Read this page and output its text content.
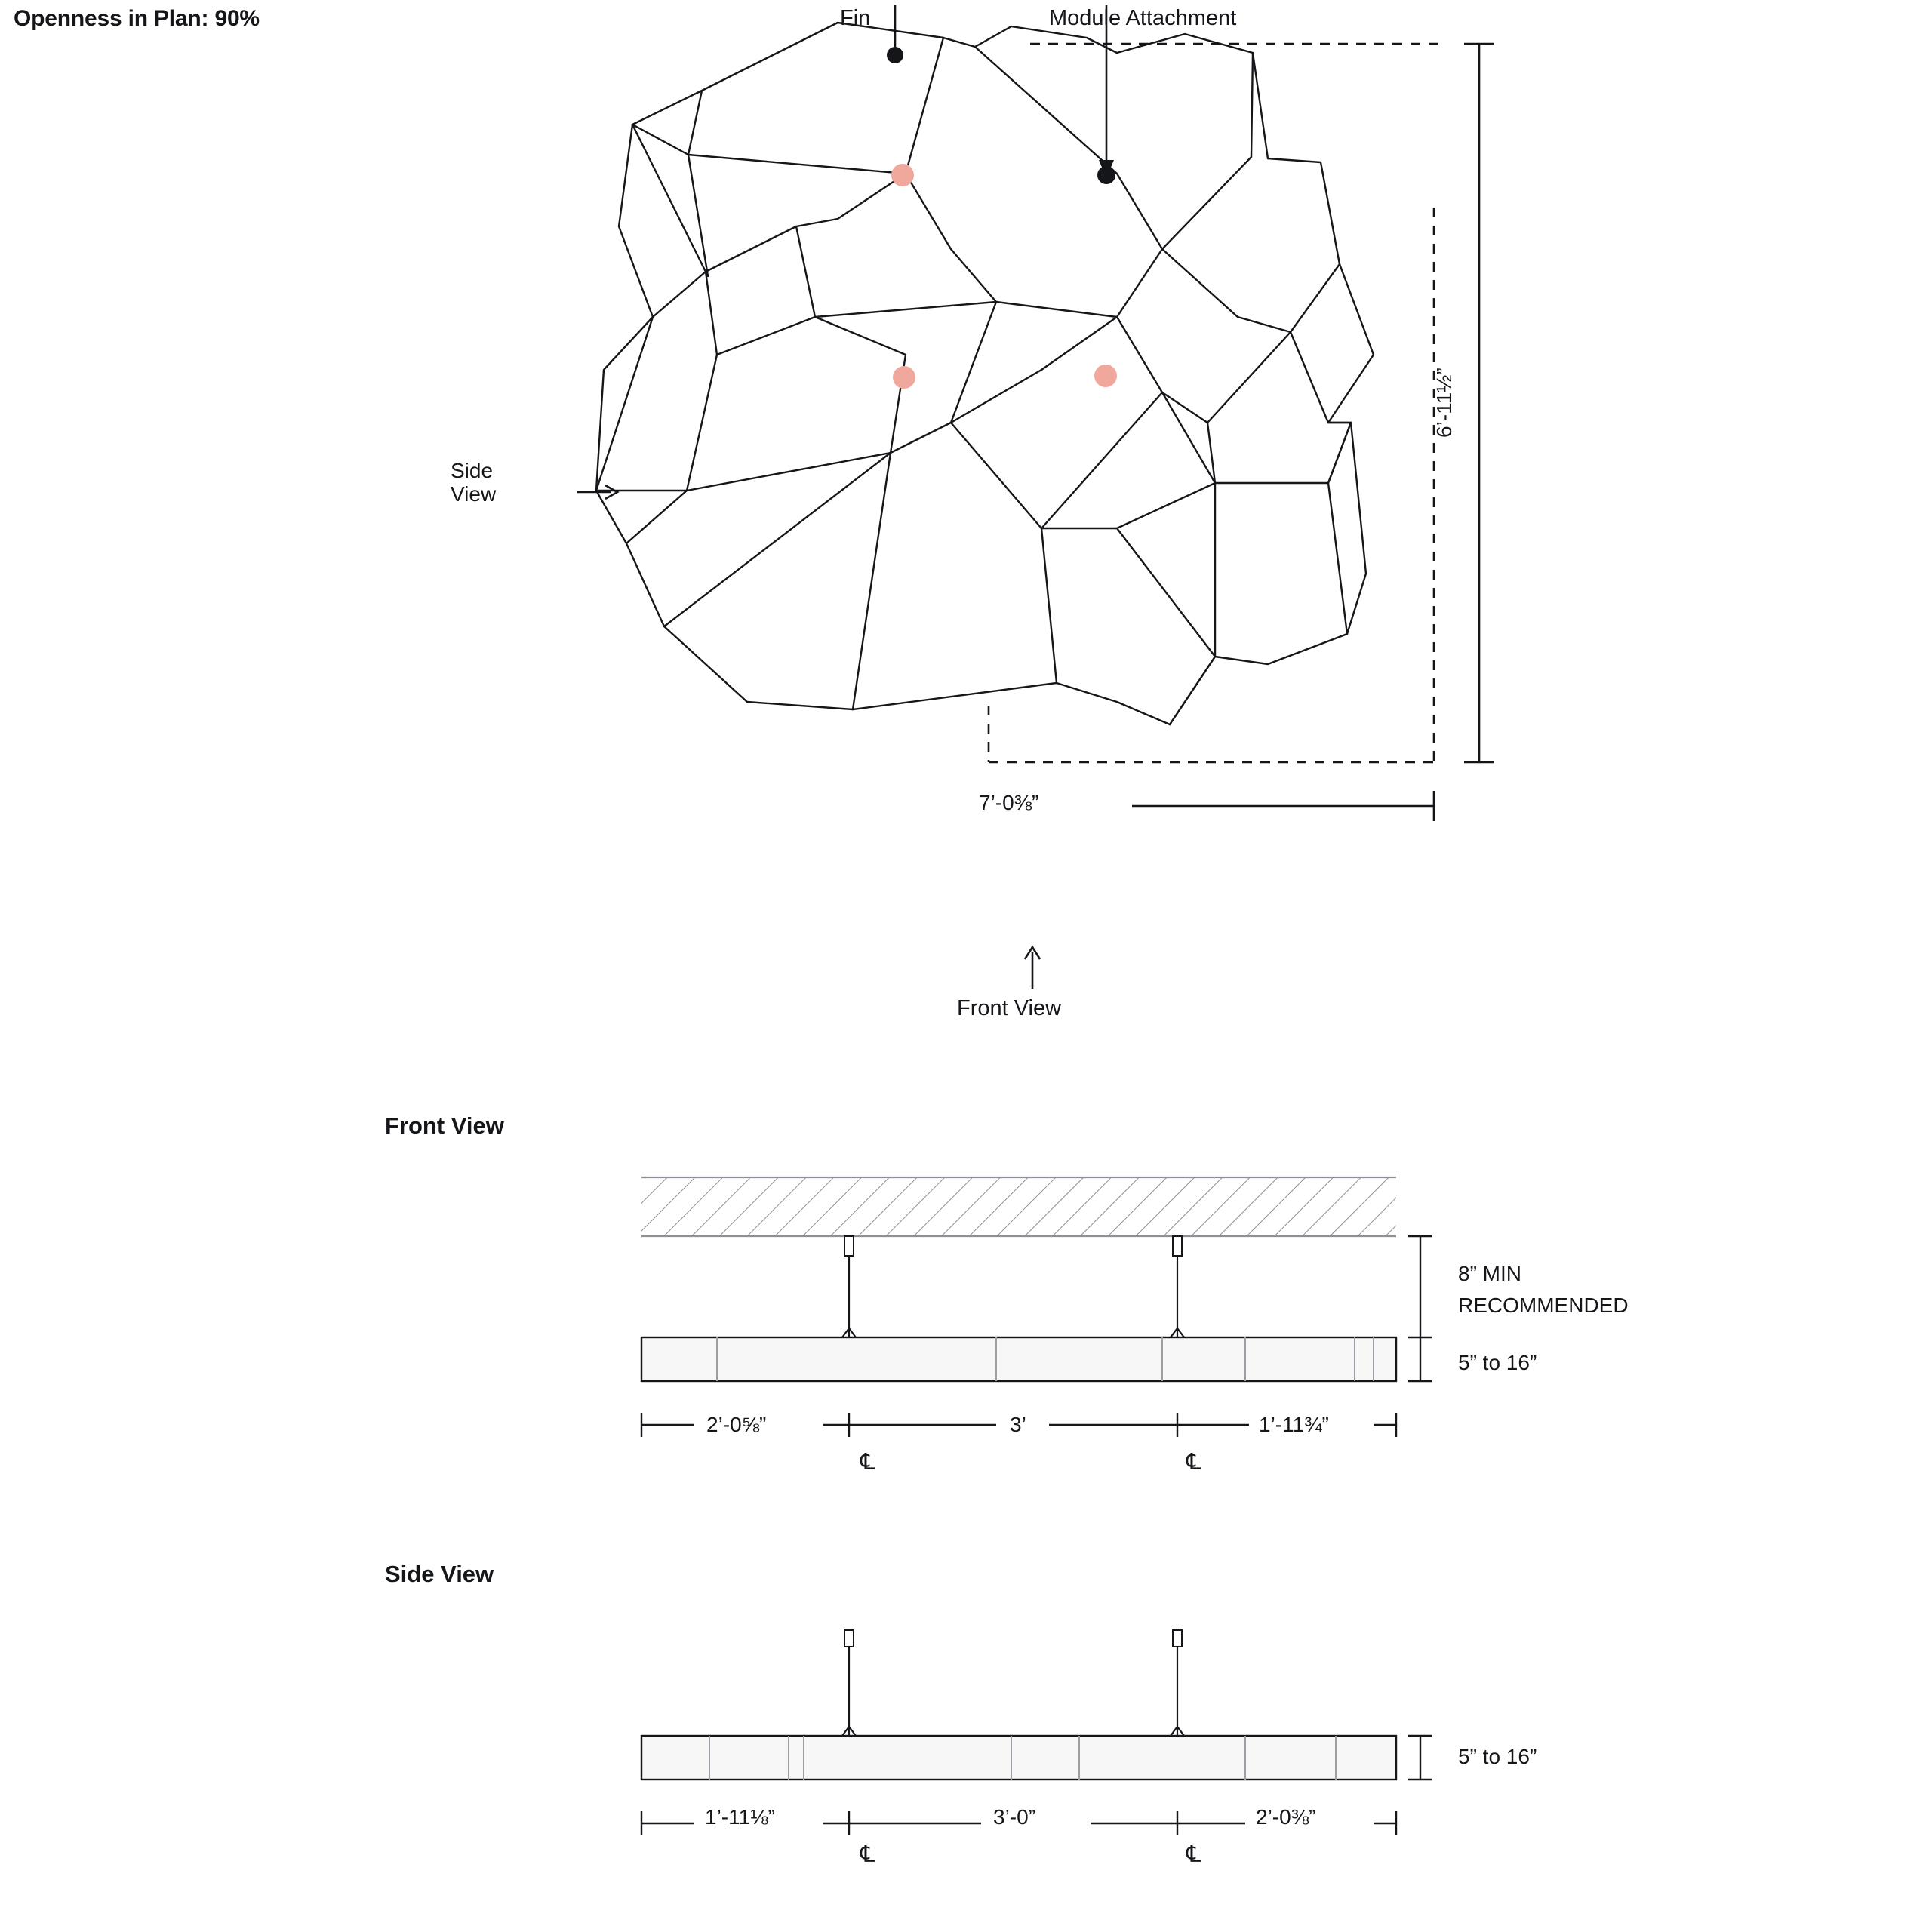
Openness in Plan: 90%	Fin	Module Attachment
6’-11½”
7’-0⅜”
Side
View
Front View
Front View
2’-0⅝”	3’	1’-11¾”
℄	℄
8” MIN
RECOMMENDED
5” to 16”
Side View
1’-11⅛”	3’-0”	2’-0⅜”
℄	℄
5” to 16”
